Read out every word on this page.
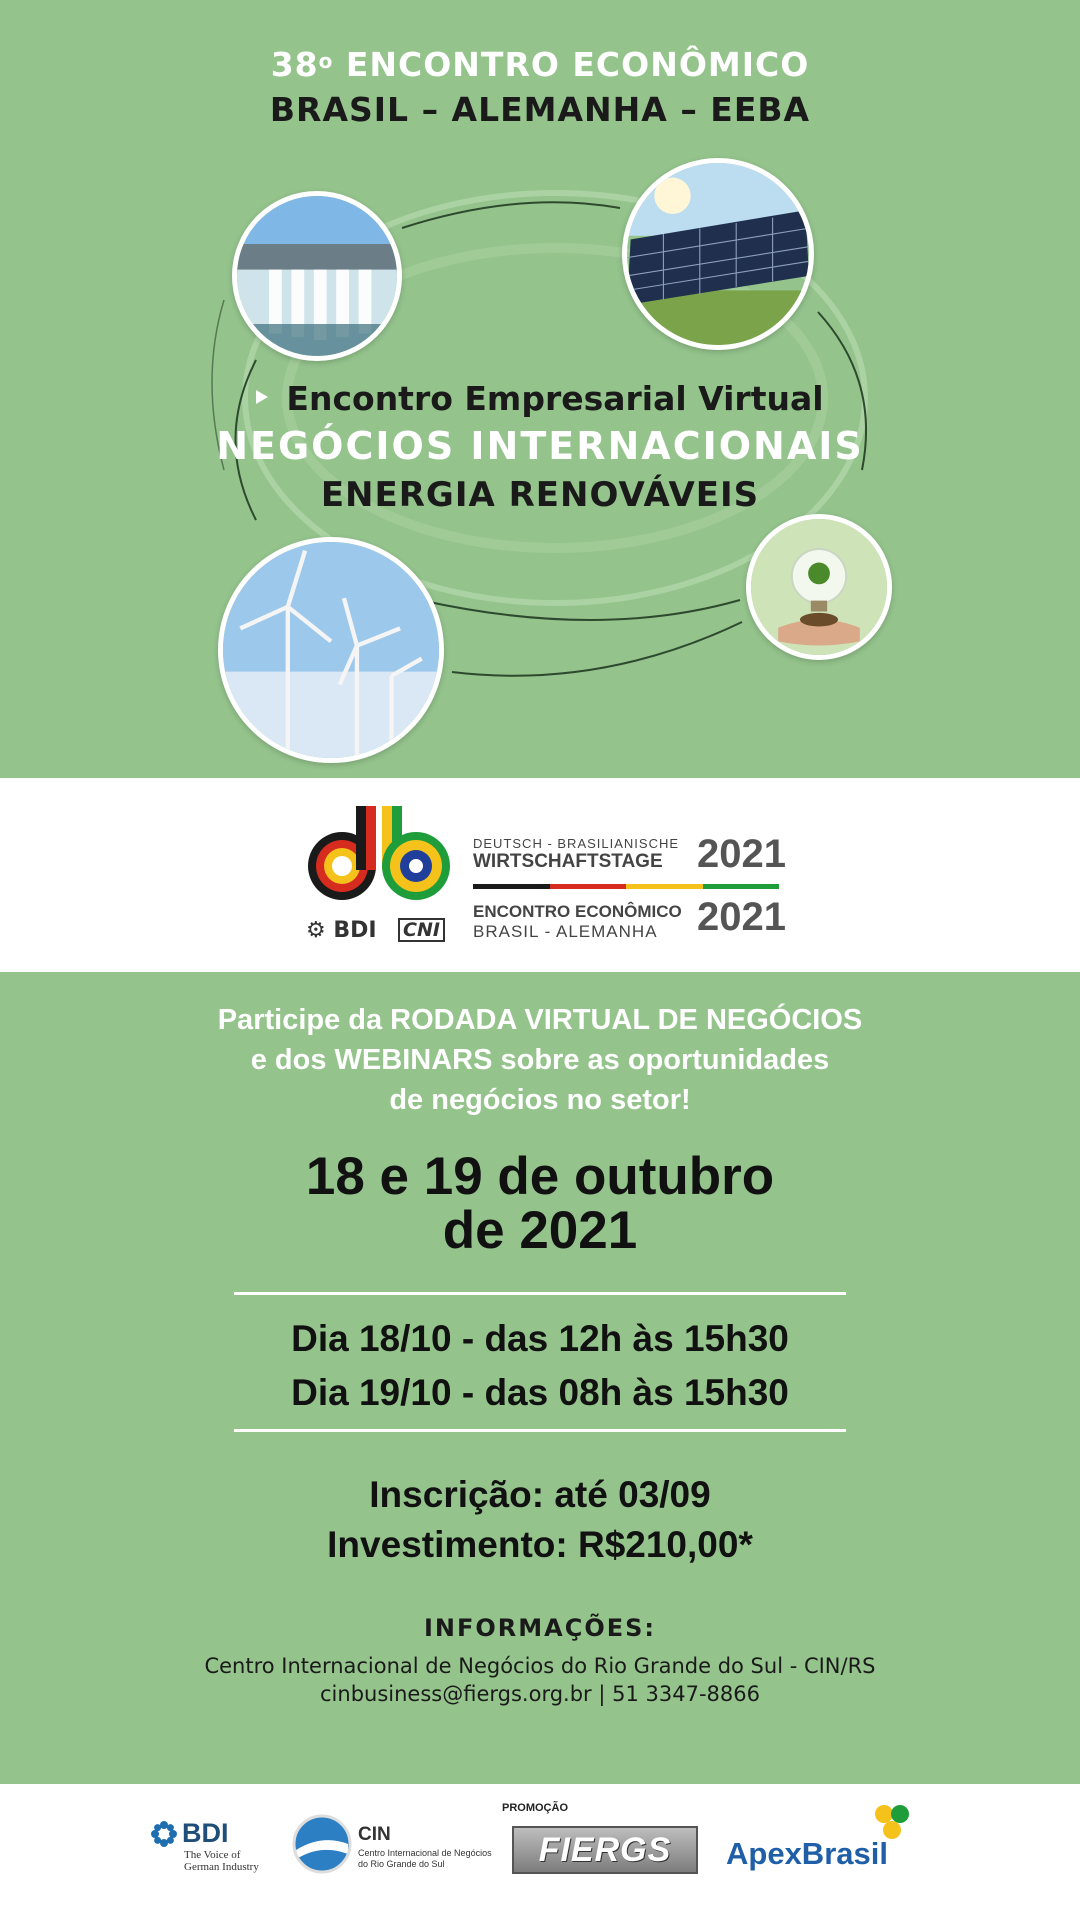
38$^o$ ENCONTRO ECONÔMICO
BRASIL – ALEMANHA – EEBA
Encontro Empresarial Virtual
NEGÓCIOS INTERNACIONAIS
ENERGIA RENOVÁVEIS
⚙ BDI CNI
DEUTSCH - BRASILIANISCHE
WIRTSCHAFTSTAGE 2021
ENCONTRO ECONÔMICO
BRASIL - ALEMANHA 2021
Participe da RODADA VIRTUAL DE NEGÓCIOS
e dos WEBINARS sobre as oportunidades
de negócios no setor!
18 e 19 de outubro
de 2021
Dia 18/10 - das 12h às 15h30
Dia 19/10 - das 08h às 15h30
Inscrição: até 03/09
Investimento: R$210,00*
INFORMAÇÕES:
Centro Internacional de Negócios do Rio Grande do Sul - CIN/RS
cinbusiness@fiergs.org.br | 51 3347-8866
BDI
The Voice of
German Industry
CIN
Centro Internacional de Negócios
do Rio Grande do Sul
PROMOÇÃO
FIERGS	ApexBrasil
